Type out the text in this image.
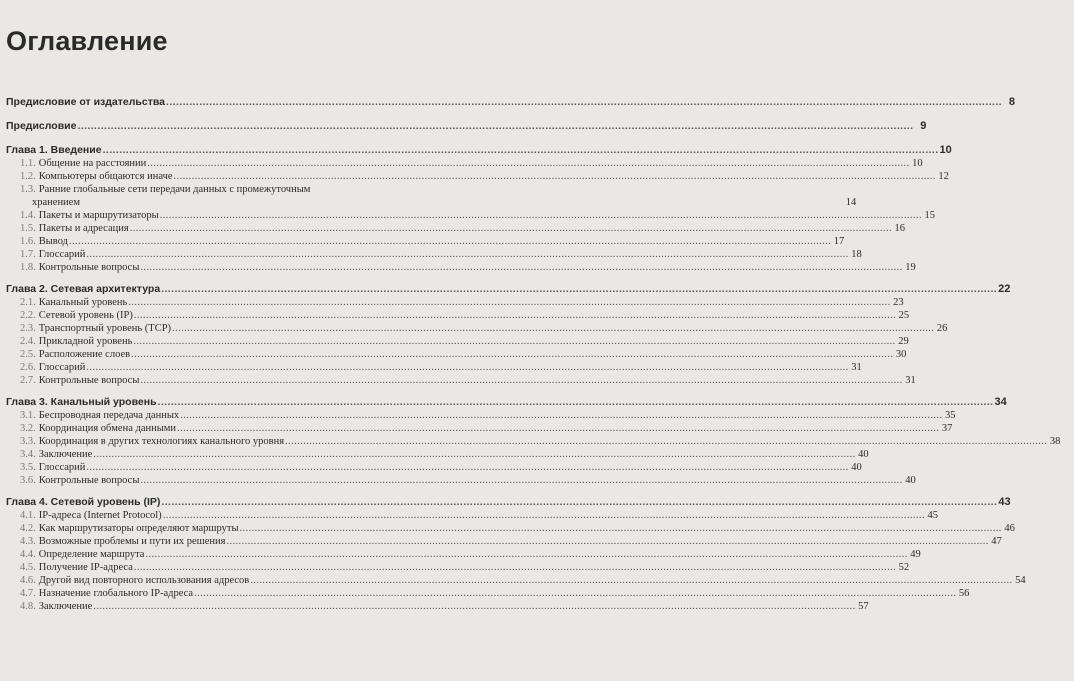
Оглавление
Предисловие от издательства .....	8
Предисловие .....	9
Глава 1. Введение .....	10
1.1. Общение на расстоянии .....	10
1.2. Компьютеры общаются иначе .....	12
1.3. Ранние глобальные сети передачи данных с промежуточным
хранением	14
1.4. Пакеты и маршрутизаторы .....	15
1.5. Пакеты и адресация .....	16
1.6. Вывод .....	17
1.7. Глоссарий .....	18
1.8. Контрольные вопросы .....	19
Глава 2. Сетевая архитектура .....	22
2.1. Канальный уровень .....	23
2.2. Сетевой уровень (IP) .....	25
2.3. Транспортный уровень (TCP) .....	26
2.4. Прикладной уровень .....	29
2.5. Расположение слоев .....	30
2.6. Глоссарий .....	31
2.7. Контрольные вопросы .....	31
Глава 3. Канальный уровень .....	34
3.1. Беспроводная передача данных .....	35
3.2. Координация обмена данными .....	37
3.3. Координация в других технологиях канального уровня .....	38
3.4. Заключение .....	40
3.5. Глоссарий .....	40
3.6. Контрольные вопросы .....	40
Глава 4. Сетевой уровень (IP) .....	43
4.1. IP-адреса (Internet Protocol) .....	45
4.2. Как маршрутизаторы определяют маршруты .....	46
4.3. Возможные проблемы и пути их решения .....	47
4.4. Определение маршрута .....	49
4.5. Получение IP-адреса .....	52
4.6. Другой вид повторного использования адресов .....	54
4.7. Назначение глобального IP-адреса .....	56
4.8. Заключение .....	57
